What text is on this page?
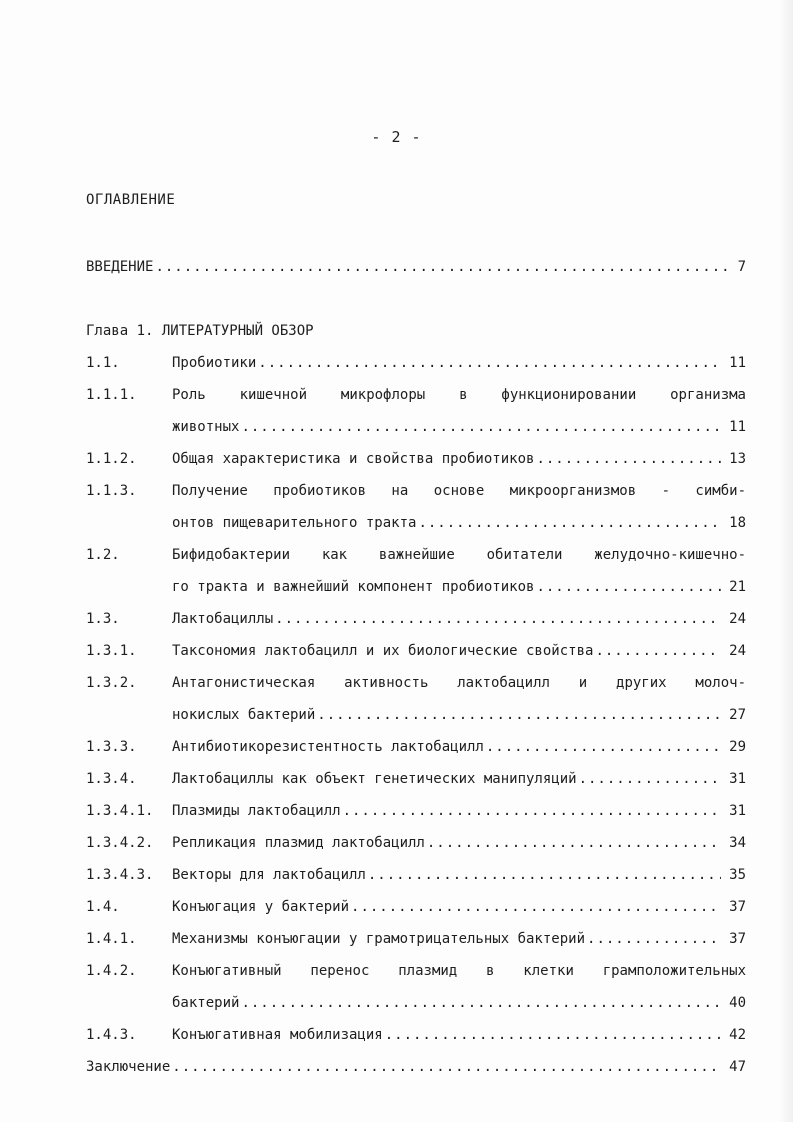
- 2 -
ОГЛАВЛЕНИЕ
ВВЕДЕНИЕ .....	7
Глава 1. ЛИТЕРАТУРНЫЙ ОБЗОР
1.1.	Пробиотики .....	11
1.1.1.	Роль кишечной микрофлоры в функционировании организма
животных .....	11
1.1.2.	Общая характеристика и свойства пробиотиков .....	13
1.1.3.	Получение пробиотиков на основе микроорганизмов - симби-
онтов пищеварительного тракта .....	18
1.2.	Бифидобактерии как важнейшие обитатели желудочно-кишечно-
го тракта и важнейший компонент пробиотиков .....	21
1.3.	Лактобациллы .....	24
1.3.1.	Таксономия лактобацилл и их биологические свойства .....	24
1.3.2.	Антагонистическая активность лактобацилл и других молоч-
нокислых бактерий .....	27
1.3.3.	Антибиотикорезистентность лактобацилл .....	29
1.3.4.	Лактобациллы как объект генетических манипуляций .....	31
1.3.4.1. Плазмиды лактобацилл .....	31
1.3.4.2. Репликация плазмид лактобацилл .....	34
1.3.4.3. Векторы для лактобацилл .....	35
1.4.	Конъюгация у бактерий .....	37
1.4.1.	Механизмы конъюгации у грамотрицательных бактерий .....	37
1.4.2.	Конъюгативный перенос плазмид в клетки грамположительных
бактерий .....	40
1.4.3.	Конъюгативная мобилизация .....	42
Заключение .....	47
